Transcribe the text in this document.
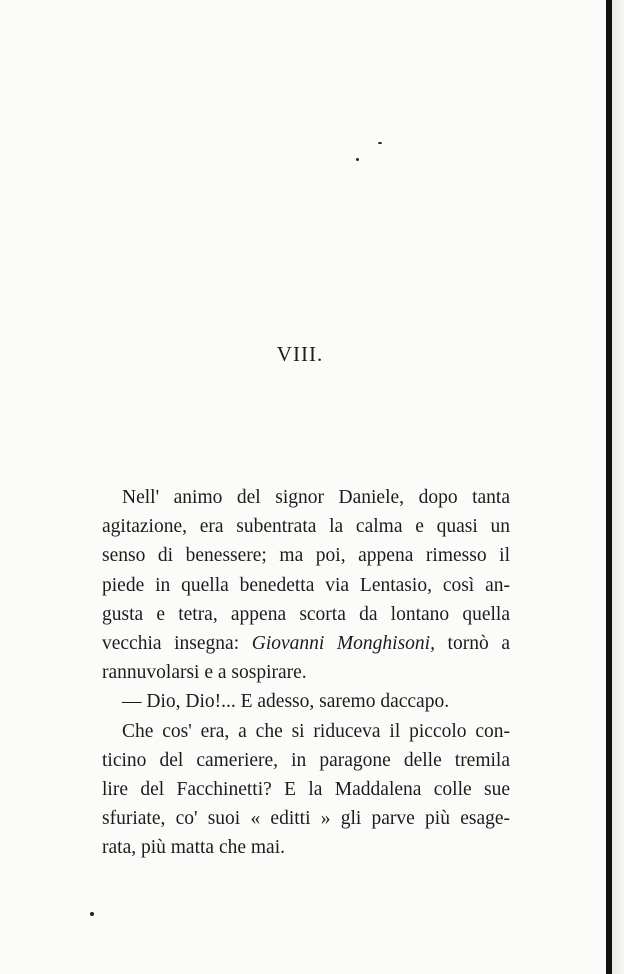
VIII.
Nell' animo del signor Daniele, dopo tanta
agitazione, era subentrata la calma e quasi un
senso di benessere; ma poi, appena rimesso il
piede in quella benedetta via Lentasio, così an-
gusta e tetra, appena scorta da lontano quella
vecchia insegna: Giovanni Monghisoni, tornò a
rannuvolarsi e a sospirare.
— Dio, Dio!... E adesso, saremo daccapo.
Che cos' era, a che si riduceva il piccolo con-
ticino del cameriere, in paragone delle tremila
lire del Facchinetti? E la Maddalena colle sue
sfuriate, co' suoi « editti » gli parve più esage-
rata, più matta che mai.
